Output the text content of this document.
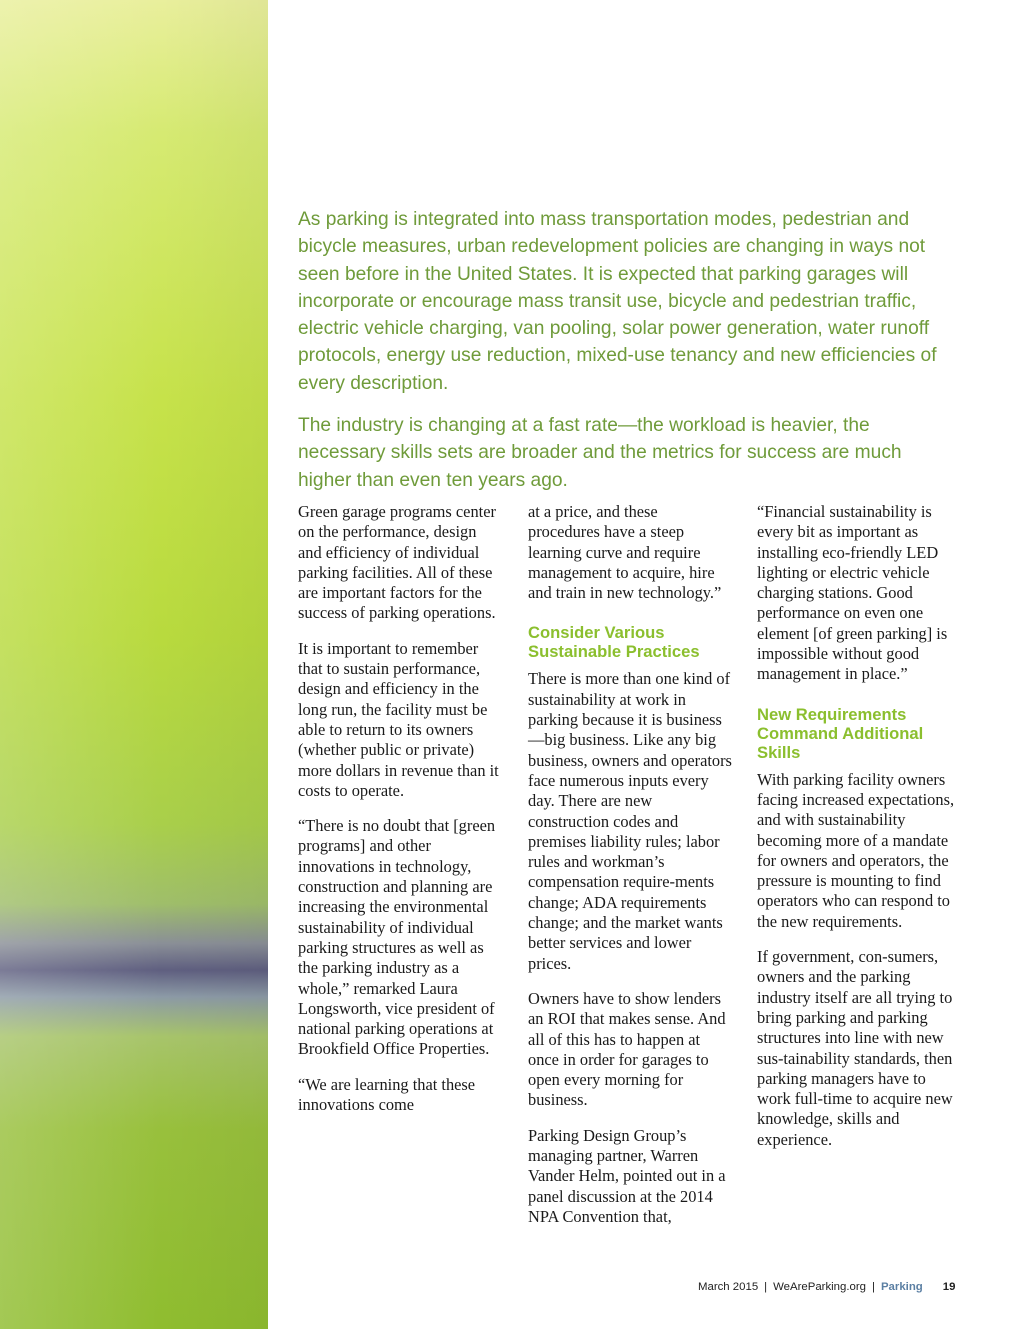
As parking is integrated into mass transportation modes, pedestrian and bicycle measures, urban redevelopment policies are changing in ways not seen before in the United States. It is expected that parking garages will incorporate or encourage mass transit use, bicycle and pedestrian traffic, electric vehicle charging, van pooling, solar power generation, water runoff protocols, energy use reduction, mixed-use tenancy and new efficiencies of every description.

The industry is changing at a fast rate—the workload is heavier, the necessary skills sets are broader and the metrics for success are much higher than even ten years ago.

Green garage programs center on the performance, design and efficiency of individual parking facilities. All of these are important factors for the success of parking operations.

It is important to remember that to sustain performance, design and efficiency in the long run, the facility must be able to return to its owners (whether public or private) more dollars in revenue than it costs to operate.

“There is no doubt that [green programs] and other innovations in technology, construction and planning are increasing the environmental sustainability of individual parking structures as well as the parking industry as a whole,” remarked Laura Longsworth, vice president of national parking operations at Brookfield Office Properties.

“We are learning that these innovations come

at a price, and these procedures have a steep learning curve and require management to acquire, hire and train in new technology.”

Consider Various Sustainable Practices

There is more than one kind of sustainability at work in parking because it is business—big business. Like any big business, owners and operators face numerous inputs every day. There are new construction codes and premises liability rules; labor rules and workman’s compensation require-ments change; ADA requirements change; and the market wants better services and lower prices.

Owners have to show lenders an ROI that makes sense. And all of this has to happen at once in order for garages to open every morning for business.

Parking Design Group’s managing partner, Warren Vander Helm, pointed out in a panel discussion at the 2014 NPA Convention that,

“Financial sustainability is every bit as important as installing eco-friendly LED lighting or electric vehicle charging stations. Good performance on even one element [of green parking] is impossible without good management in place.”

New Requirements Command Additional Skills

With parking facility owners facing increased expectations, and with sustainability becoming more of a mandate for owners and operators, the pressure is mounting to find operators who can respond to the new requirements.

If government, con-sumers, owners and the parking industry itself are all trying to bring parking and parking structures into line with new sus-tainability standards, then parking managers have to work full-time to acquire new knowledge, skills and experience.

March 2015 | WeAreParking.org | Parking 19
